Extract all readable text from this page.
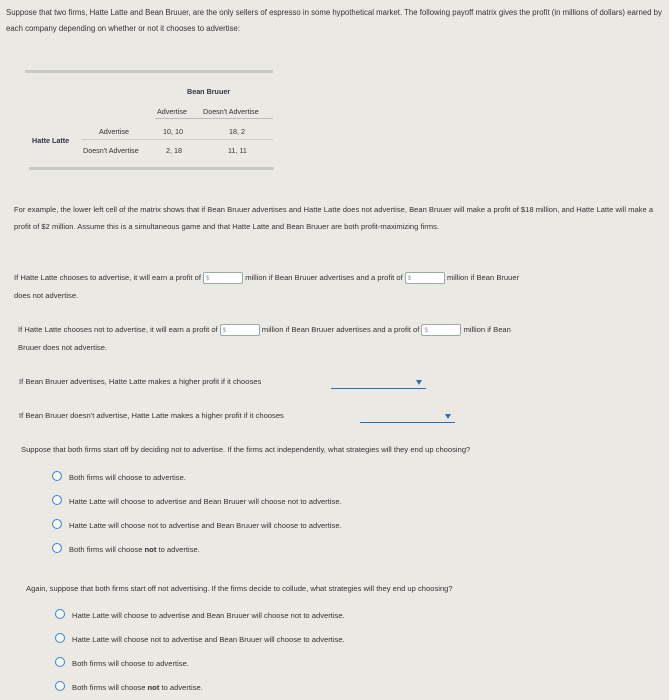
Suppose that two firms, Hatte Latte and Bean Bruuer, are the only sellers of espresso in some hypothetical market. The following payoff matrix gives the profit (in millions of dollars) earned by each company depending on whether or not it chooses to advertise:
Bean Bruuer
Advertise Doesn't Advertise
Hatte Latte
Advertise	10, 10	18, 2
Doesn't Advertise	2, 18	11, 11
For example, the lower left cell of the matrix shows that if Bean Bruuer advertises and Hatte Latte does not advertise, Bean Bruuer will make a profit of $18 million, and Hatte Latte will make a profit of $2 million. Assume this is a simultaneous game and that Hatte Latte and Bean Bruuer are both profit-maximizing firms.
If Hatte Latte chooses to advertise, it will earn a profit of $	million if Bean Bruuer advertises and a profit of $	million if Bean Bruuer
does not advertise.
If Hatte Latte chooses not to advertise, it will earn a profit of $	million if Bean Bruuer advertises and a profit of $	million if Bean
Bruuer does not advertise.
If Bean Bruuer advertises, Hatte Latte makes a higher profit if it chooses
If Bean Bruuer doesn't advertise, Hatte Latte makes a higher profit if it chooses
Suppose that both firms start off by deciding not to advertise. If the firms act independently, what strategies will they end up choosing?
Both firms will choose to advertise.
Hatte Latte will choose to advertise and Bean Bruuer will choose not to advertise.
Hatte Latte will choose not to advertise and Bean Bruuer will choose to advertise.
Both firms will choose not to advertise.
Again, suppose that both firms start off not advertising. If the firms decide to collude, what strategies will they end up choosing?
Hatte Latte will choose to advertise and Bean Bruuer will choose not to advertise.
Hatte Latte will choose not to advertise and Bean Bruuer will choose to advertise.
Both firms will choose to advertise.
Both firms will choose not to advertise.
